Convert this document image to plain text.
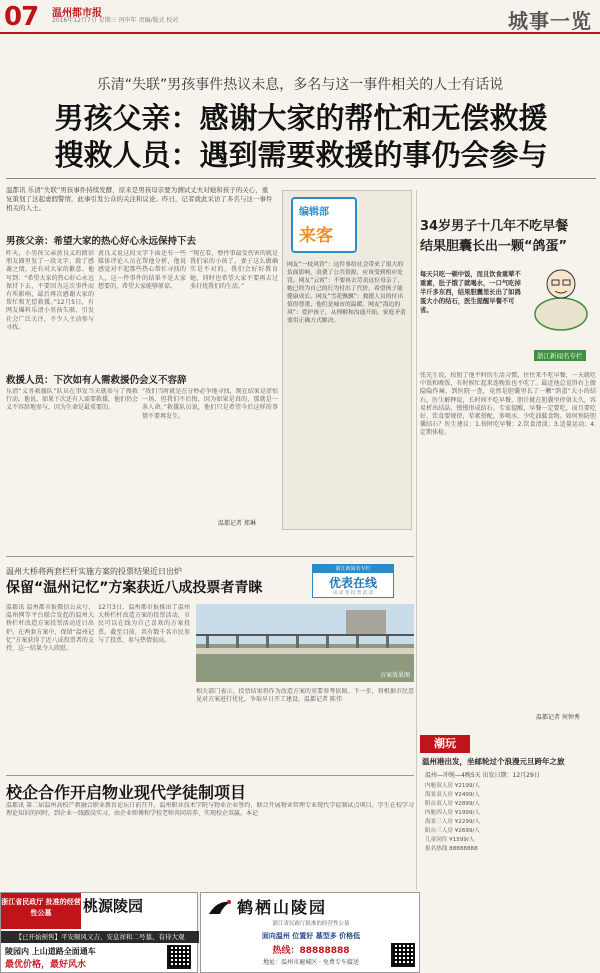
07 温州都市报
2016年12月7日 星期三 丙申年 责编/版式 校对	城事一览
乐清“失联”男孩事件热议未息，多名与这一事件相关的人士有话说
男孩父亲：感谢大家的帮忙和无偿救援
搜救人员：遇到需要救援的事仍会参与
温都讯 乐清“失联”男孩事件持续发酵，原来是男孩母亲要为测试丈夫对她和孩子的关心，重复策划了这起虚假警情，此事引发公众的关注和议论。昨日，记者就此采访了多名与这一事件相关的人士。
男孩父亲：希望大家的热心好心永远保持下去
昨天，小男孩父亲黄良义的微信朋友圈里发了一段文字，除了感谢之情，还有对大家的歉意。他写到：“希望大家的热心好心永远保持下去，不要因为这次事件而有所影响，最后再次感谢大家的帮忙和无偿救援。”12月5日，有网友爆料乐清小男孩失联，引发社会广泛关注，不少人主动参与寻找。
黄良义说这段文字下面还有一些媒体评论人员在帮他分析，他说感觉对不起那些热心帮忙寻找的人，这一件事件的结果不是大家想要的，希望大家能够原谅。
“现在看，整件事最受伤害的就是我们家的小孩了，妻子这么做确实是不对的，我们会好好教育她，同时也希望大家不要再去过多打扰我们的生活。”
救援人员：下次如有人需救援仍会义不容辞
乐清“义务救援队”队员在事发当天就参与了搜救行动。他说，如果下次还有人需要救援，他们仍会义不容辞地参与，因为生命是最重要的。
“我们当时就是在分秒必争地寻找，现在结果是虚惊一场，但我们不后悔，因为如果是真的，那就是一条人命。”救援队员说，他们只是希望今后这样的事情不要再发生。
温都记者 郑琳
编辑部
来客
网友“一枝风铃”：这件事给社会带来了很大的负面影响，浪费了公共资源，应该受到相应处罚。网友“云霄”：不要再去苛责这位母亲了，她已经为自己的行为付出了代价，希望孩子能健康成长。网友“雪花飘飘”：救援人员的付出值得尊重，他们是城市的温暖。网友“海边的风”：爱护孩子，从理解和沟通开始，家庭矛盾要用正确方式解决。
34岁男子十几年不吃早餐
结果胆囊长出一颗“鸽蛋”
每天只吃一顿中饭，而且饮食重荤不重素，肚子饿了就喝水，一口气吃掉半斤多东西，结果胆囊里长出了如鸽蛋大小的结石，医生提醒早餐不可省。
浙江新闻名专栏
张先生说，按照了他平时的生活习惯，往往来不吃早餐，一天就吃中饭和晚饭，有时候忙起来连晚饭也不吃了。最近他总觉得右上腹隐隐作痛，到医院一查，竟然是胆囊里长了一颗“鸽蛋”大小的结石。医生解释说，长时间不吃早餐，胆汁就在胆囊里停留太久，容易析出结晶，慢慢形成结石。专家提醒，早餐一定要吃，而且要吃好，饮食要规律，荤素搭配，多喝水，少吃油腻食物。如何预防胆囊结石？医生建议：1.按时吃早餐；2.饮食清淡；3.适量运动；4.定期体检。
温都记者 何钟秀
潮玩
温州港出发，坐邮轮过个浪漫元旦跨年之旅
温州—冲绳—4晚5天 出发日期：12月29日
内舱双人房 ¥2199/人
海景双人房 ¥2499/人
阳台双人房 ¥2899/人
内舱四人房 ¥1999/人
海景三人房 ¥2299/人
阳台三人房 ¥2699/人
儿童同住 ¥1599/人
报名热线 88888888
温州大桥将两套栏杆实施方案的投票结果近日出炉
保留“温州记忆”方案获近八成投票者青睐
浙江新闻名专栏
优表在线
讯 读 者 投 票 活 动
温都讯 温州都市报微信公众号、温州网等平台联合发起的温州大桥栏杆改造方案投票活动近日出炉。在两套方案中，保留“温州记忆”方案获得了近八成投票者的支持，这一结果令人欣慰。
12月3日，温州都市报推出了温州大桥栏杆改造方案的投票活动，市民可以在线为自己喜欢的方案投票。截至目前，共有数千名市民参与了投票，参与热情很高。
方案效果图
相关部门表示，投票结果将作为改造方案的重要参考依据。下一步，将根据市民意见对方案进行优化，争取早日开工建设。温都记者 陈伟
校企合作开启物业现代学徒制项目
温都讯 第二届温州高校产教融合职业教育论坛日前召开，温州职业技术学院与物业企业签约，联合开展物业管理专业现代学徒制试点项目。学生在校学习理论知识的同时，到企业一线跟岗实习，由企业师傅和学校老师共同培养，实现校企双赢。本记
浙江省民政厅 批准的经营性公墓	桃源陵园
【已开始预售】平安顺风又吉、安息祥和二号墓、有待大观
陵园内 上山道路全面通车
最优价格，最好风水
鹤栖山陵园
浙江省民政厅批准的经营性公墓
面向温州 位置好 墓型多 价格低
热线：88888888
地址：温州市鹿城区 · 免费专车接送
